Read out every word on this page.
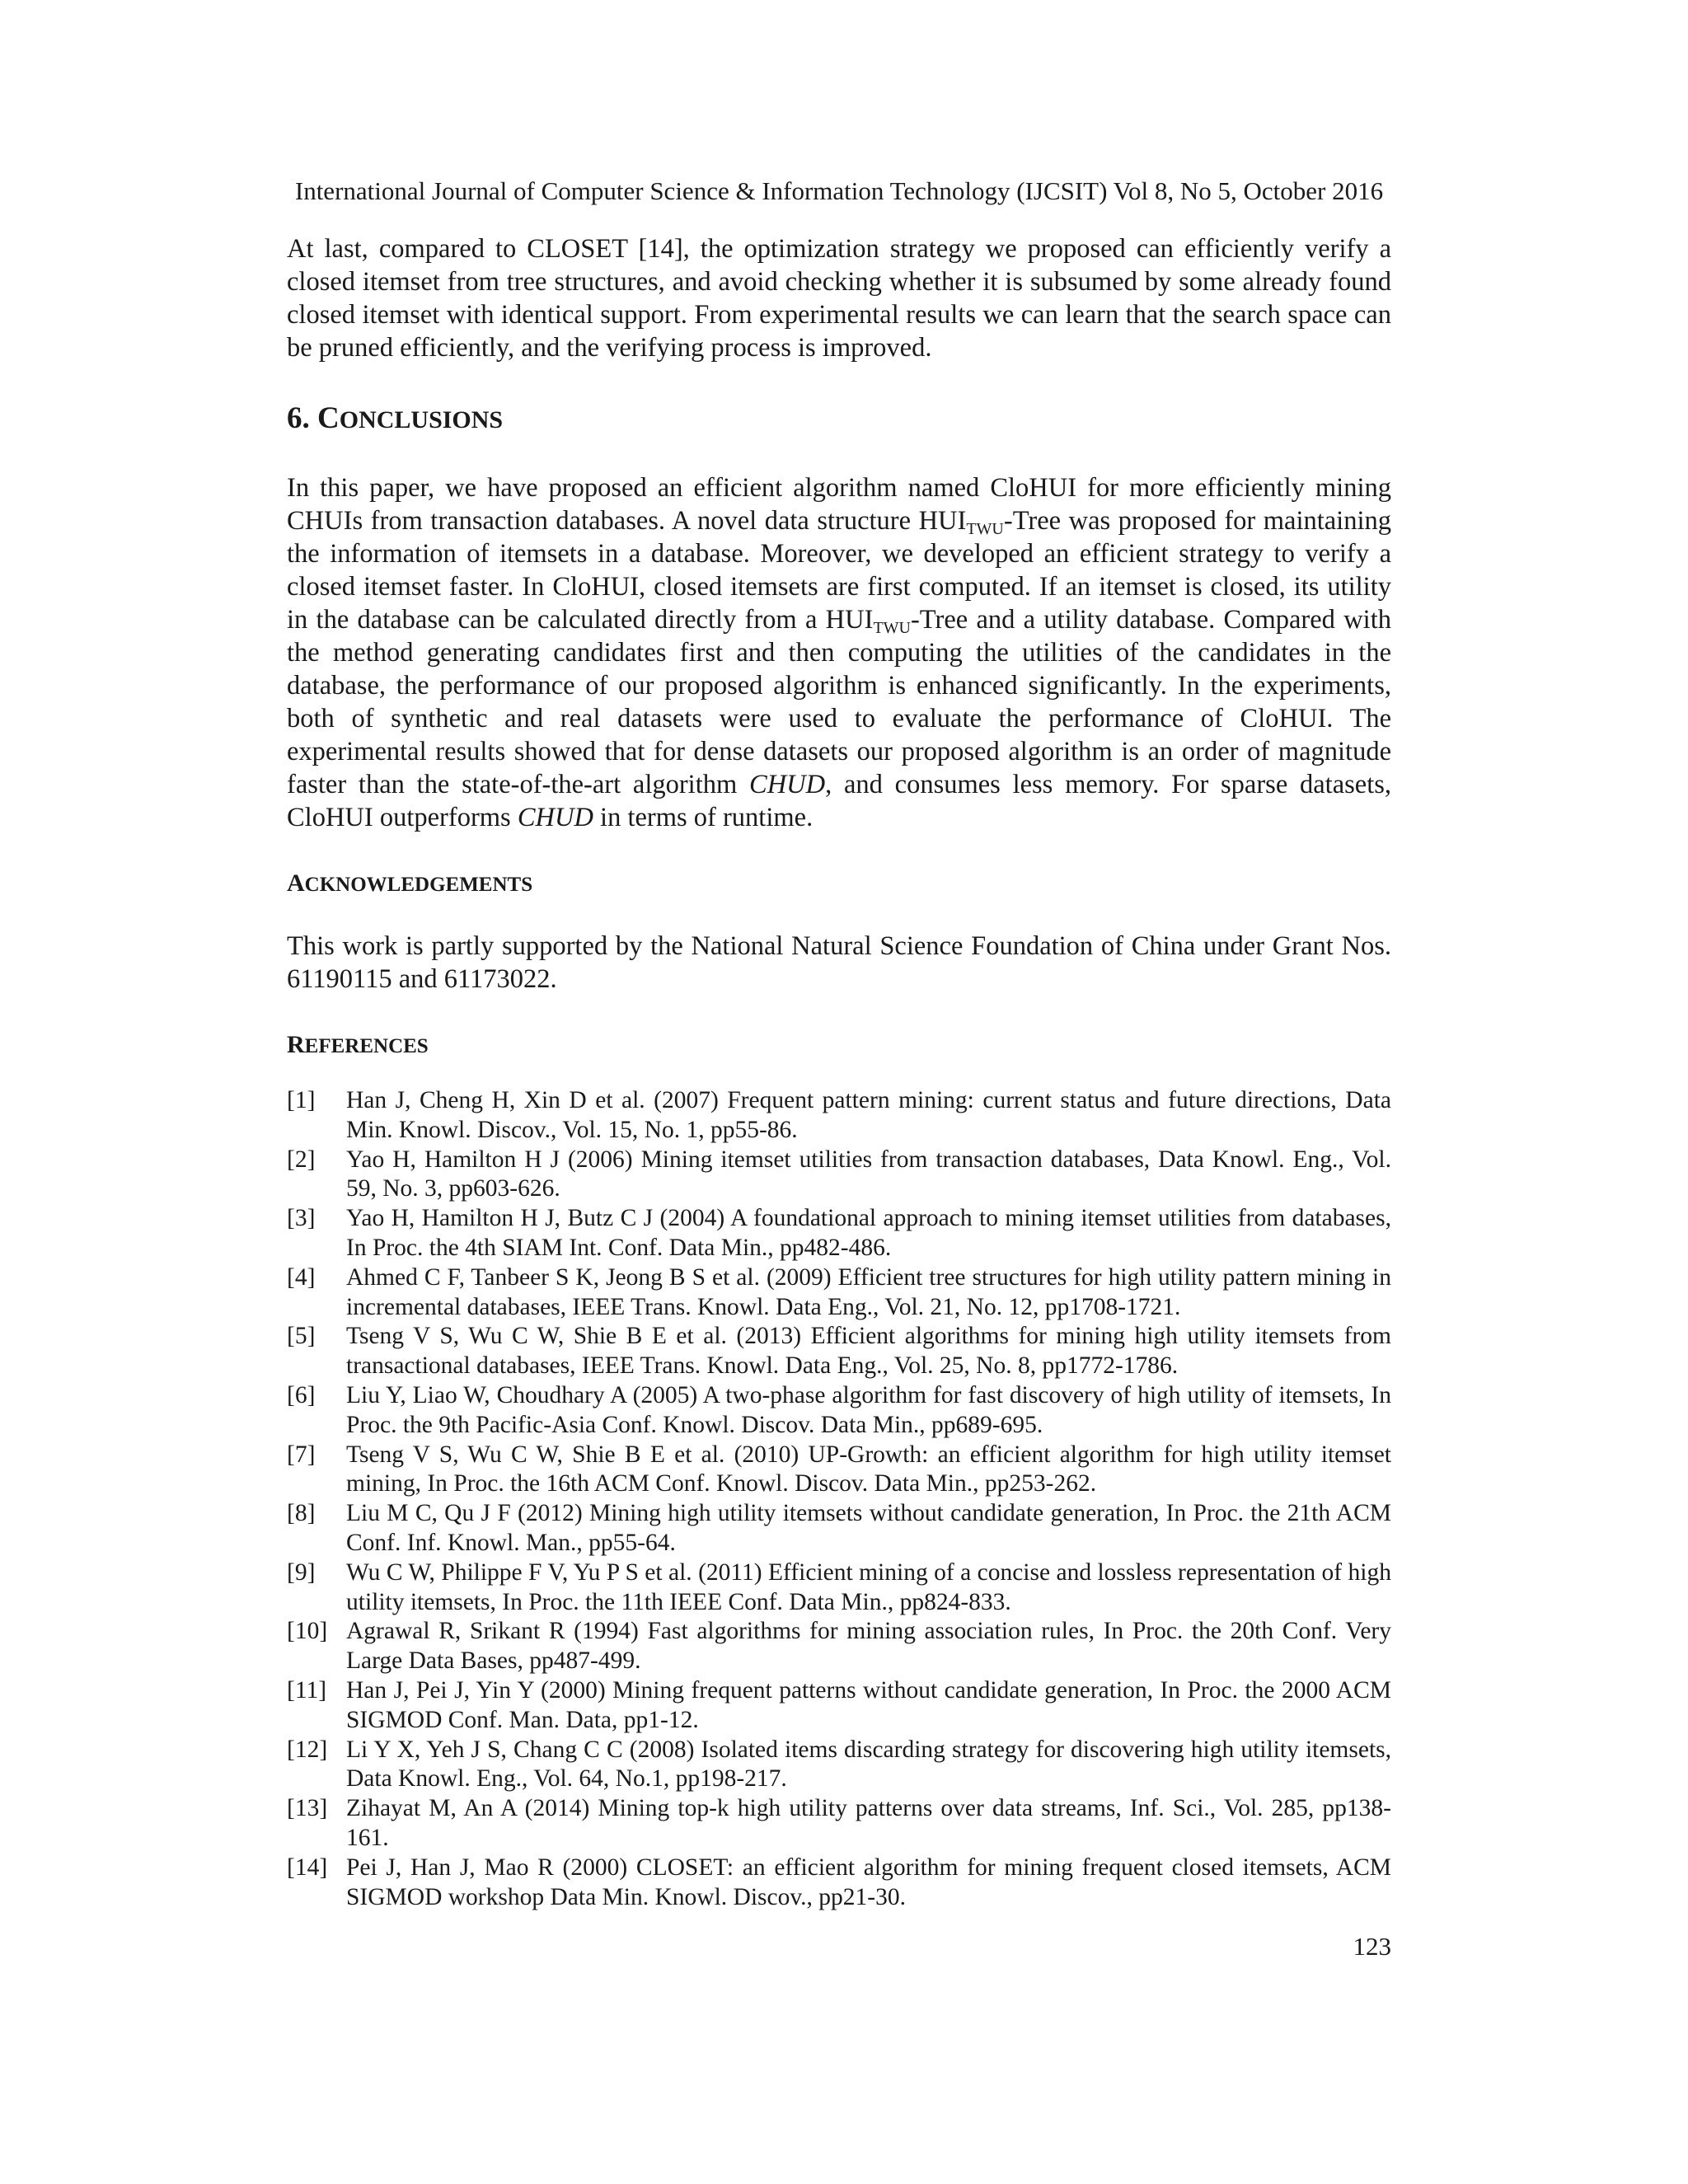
International Journal of Computer Science & Information Technology (IJCSIT) Vol 8, No 5, October 2016

At last, compared to CLOSET [14], the optimization strategy we proposed can efficiently verify a closed itemset from tree structures, and avoid checking whether it is subsumed by some already found closed itemset with identical support. From experimental results we can learn that the search space can be pruned efficiently, and the verifying process is improved.

6. CONCLUSIONS

In this paper, we have proposed an efficient algorithm named CloHUI for more efficiently mining CHUIs from transaction databases. A novel data structure $HUI_{TWU}$-Tree was proposed for maintaining the information of itemsets in a database. Moreover, we developed an efficient strategy to verify a closed itemset faster. In CloHUI, closed itemsets are first computed. If an itemset is closed, its utility in the database can be calculated directly from a $HUI_{TWU}$-Tree and a utility database. Compared with the method generating candidates first and then computing the utilities of the candidates in the database, the performance of our proposed algorithm is enhanced significantly. In the experiments, both of synthetic and real datasets were used to evaluate the performance of CloHUI. The experimental results showed that for dense datasets our proposed algorithm is an order of magnitude faster than the state-of-the-art algorithm CHUD, and consumes less memory. For sparse datasets, CloHUI outperforms CHUD in terms of runtime.

ACKNOWLEDGEMENTS

This work is partly supported by the National Natural Science Foundation of China under Grant Nos. 61190115 and 61173022.

REFERENCES
[1] Han J, Cheng H, Xin D et al. (2007) Frequent pattern mining: current status and future directions, Data Min. Knowl. Discov., Vol. 15, No. 1, pp55-86.
[2] Yao H, Hamilton H J (2006) Mining itemset utilities from transaction databases, Data Knowl. Eng., Vol. 59, No. 3, pp603-626.
[3] Yao H, Hamilton H J, Butz C J (2004) A foundational approach to mining itemset utilities from databases, In Proc. the 4th SIAM Int. Conf. Data Min., pp482-486.
[4] Ahmed C F, Tanbeer S K, Jeong B S et al. (2009) Efficient tree structures for high utility pattern mining in incremental databases, IEEE Trans. Knowl. Data Eng., Vol. 21, No. 12, pp1708-1721.
[5] Tseng V S, Wu C W, Shie B E et al. (2013) Efficient algorithms for mining high utility itemsets from transactional databases, IEEE Trans. Knowl. Data Eng., Vol. 25, No. 8, pp1772-1786.
[6] Liu Y, Liao W, Choudhary A (2005) A two-phase algorithm for fast discovery of high utility of itemsets, In Proc. the 9th Pacific-Asia Conf. Knowl. Discov. Data Min., pp689-695.
[7] Tseng V S, Wu C W, Shie B E et al. (2010) UP-Growth: an efficient algorithm for high utility itemset mining, In Proc. the 16th ACM Conf. Knowl. Discov. Data Min., pp253-262.
[8] Liu M C, Qu J F (2012) Mining high utility itemsets without candidate generation, In Proc. the 21th ACM Conf. Inf. Knowl. Man., pp55-64.
[9] Wu C W, Philippe F V, Yu P S et al. (2011) Efficient mining of a concise and lossless representation of high utility itemsets, In Proc. the 11th IEEE Conf. Data Min., pp824-833.
[10] Agrawal R, Srikant R (1994) Fast algorithms for mining association rules, In Proc. the 20th Conf. Very Large Data Bases, pp487-499.
[11] Han J, Pei J, Yin Y (2000) Mining frequent patterns without candidate generation, In Proc. the 2000 ACM SIGMOD Conf. Man. Data, pp1-12.
[12] Li Y X, Yeh J S, Chang C C (2008) Isolated items discarding strategy for discovering high utility itemsets, Data Knowl. Eng., Vol. 64, No.1, pp198-217.
[13] Zihayat M, An A (2014) Mining top-k high utility patterns over data streams, Inf. Sci., Vol. 285, pp138-161.
[14] Pei J, Han J, Mao R (2000) CLOSET: an efficient algorithm for mining frequent closed itemsets, ACM SIGMOD workshop Data Min. Knowl. Discov., pp21-30.
123
